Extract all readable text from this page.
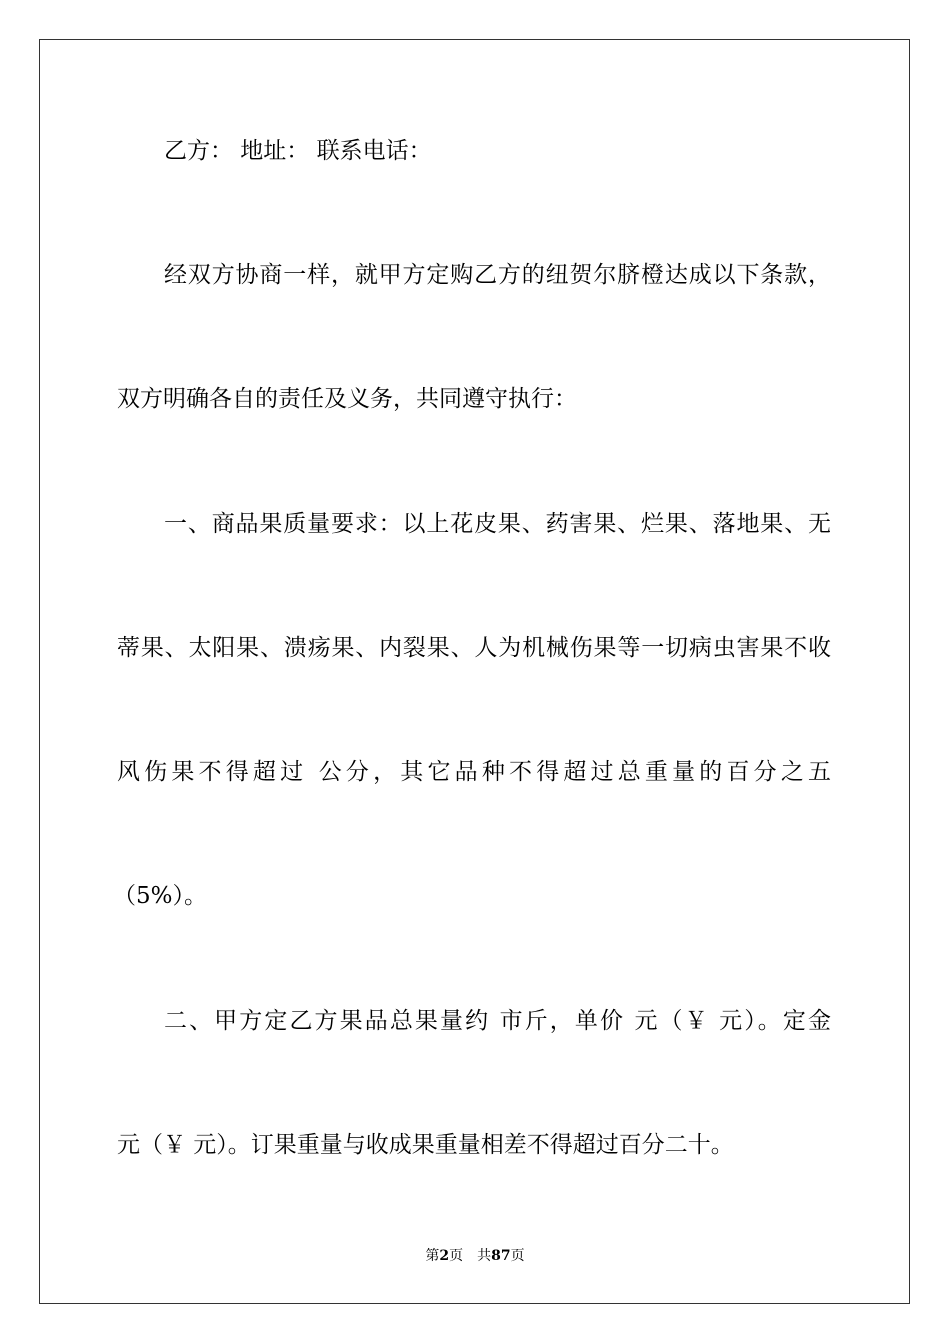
乙方： 地址： 联系电话：
经双方协商一样，就甲方定购乙方的纽贺尔脐橙达成以下条款，
双方明确各自的责任及义务，共同遵守执行：
一、商品果质量要求：以上花皮果、药害果、烂果、落地果、无
蒂果、太阳果、溃疡果、内裂果、人为机械伤果等一切病虫害果不收
风伤果不得超过 公分，其它品种不得超过总重量的百分之五
（5%）。
二、甲方定乙方果品总果量约 市斤，单价 元（￥ 元）。定金
元（￥ 元）。订果重量与收成果重量相差不得超过百分二十。
第2页 共87页
